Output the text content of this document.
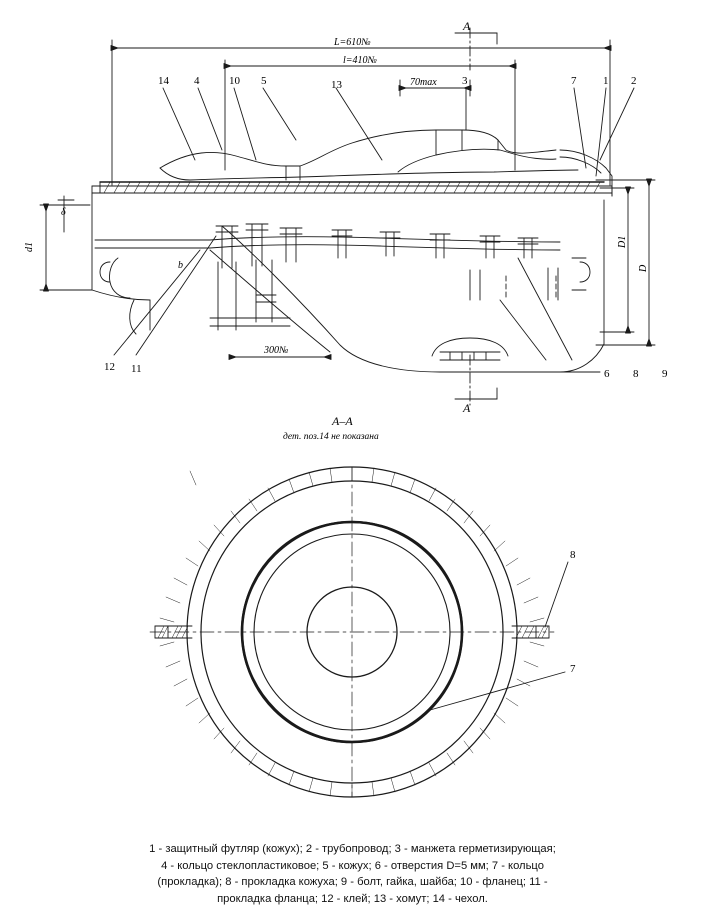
L=610№
l=410№
70max
300№
d1
δ
D1
D
b
A
A
14 4	10 5	13	3	7 1 2
12 11	6 8 9
A–A
дет. поз.14 не показана
8
7
1 - защитный футляр (кожух); 2 - трубопровод; 3 - манжета герметизирующая;
4 - кольцо стеклопластиковое; 5 - кожух; 6 - отверстия D=5 мм; 7 - кольцо
(прокладка); 8 - прокладка кожуха; 9 - болт, гайка, шайба; 10 - фланец; 11 -
прокладка фланца; 12 - клей; 13 - хомут; 14 - чехол.
